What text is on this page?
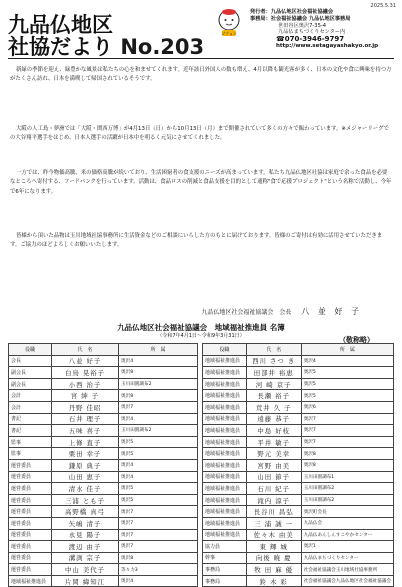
2025.5.31
九品仏地区
社協だより No.203
ゴブョン
発行者：九品仏地区社会福祉協議会
事務局：社会福祉協議会 九品仏地区事務局
世田谷区奥沢7-35-4
九品仏まちづくりセンター内
☎070-3946-9797
http://www.setagayashakyo.or.jp
新緑の季節を迎え、緑豊かな風景は私たちの心を和ませてくれます。近年該日外国人の数も増え、4月以降も観光客が多く、日本の文化や食に興味を持つ方がたくさん訪れ、日本を満喫して帰国されているそうです。
大阪の人工島・夢洲では「大阪・関西万博」が4月13日（日）から10月13日（月）まで開催されていて多くの方々で賑わっています。※メジャーリーグでの大谷翔平選手をはじめ、日本人選手の活躍が日本中を明るく元気にさせてくれました。
一方では、昨今物価高騰、米の価格高騰が続いており、生活困窮者の食支援のニーズが高まっています。私たち九品仏地区社協は家庭で余った食品を必要なところへ寄付する、フードバンクを行っています。活動は、食品ロスの削減と食品支援を目的として通称"食で応援プロジェクト"という名称で活動し、今年で6年になります。
皆様から頂いた品物は玉川地域社協事務所に生活資金などのご相談にいらした方のもとに届けております。皆様のご寄付は有効に活用させていただきます。ご協力のほどよろしくお願いいたします。
九品仏地区社会福祉協議会　会長 八 並 好 子
九品仏地区社会福祉協議会　地域福祉推進員 名簿
（令和7年4月1日～令和9年3月31日）	（敬称略）
役職	氏　名	所　属
会長	八並 好子	奥沢4
副会長	白鳥 晃裕子	奥沢8
副会長	小西 治子	玉川田園調布2
会計	宮 紳 子	奥沢8
会計	丹野 佳昭	奥沢7
書記	石井 理子	奥沢4
書記	五味 喜子	玉川田園調布2
監事	上條 直子	奥沢5
監事	栗田 幸子	奥沢5
運営委員	鎌原 典子	奥沢4
運営委員	山田 恵子	奥沢4
運営委員	清水 佳子	奥沢5
運営委員	三浦 とも子	奥沢5
運営委員	高野橋 真弓	奥沢7
運営委員	矢嶋 清子	奥沢7
運営委員	永見 陽子	奥沢7
運営委員	渡辺 由子	奥沢7
運営委員	溝渕 宗子	奥沢8
運営委員	中山 美代子	等々力3
地域福祉推進員	片岡 緯知江	奥沢4
役職	氏　名	所　属
地域福祉推進員	西川 さつ き	奥沢4
地域福祉推進員	田部井 裕恵	奥沢5
地域福祉推進員	河 崎 京子	奥沢5
地域福祉推進員	長瀬 裕子	奥沢5
地域福祉推進員	荒井 久 子	奥沢6
地域福祉推進員	遠藤 恭子	奥沢7
地域福祉推進員	中島 好枝	奥沢7
地域福祉推進員	平井 敏子	奥沢7
地域福祉推進員	野元 美幸	奥沢8
地域福祉推進員	宮野 由美	奥沢8
地域福祉推進員	山田 節子	玉川田園調布1
地域福祉推進員	石川 紀子	玉川田園調布2
地域福祉推進員	滝内 涼子	玉川田園調布2
地域福祉推進員	長谷川 昌弘	奥沢町会長
地域福祉推進員	三 浦 誠 一	九品仏会
地域福祉推進員	佐々木 由美	九品仏あんしんすこやかセンター
協力員	東 輝 城	奥沢1
幹事	向後 暁 慶	九品仏まちづくりセンター
事務局	牧 田 麻 優	社会福祉協議会玉川地域社協事務所
事務局	鈴 木 彩	社会福祉協議会九品仏地区社会福祉協議会
